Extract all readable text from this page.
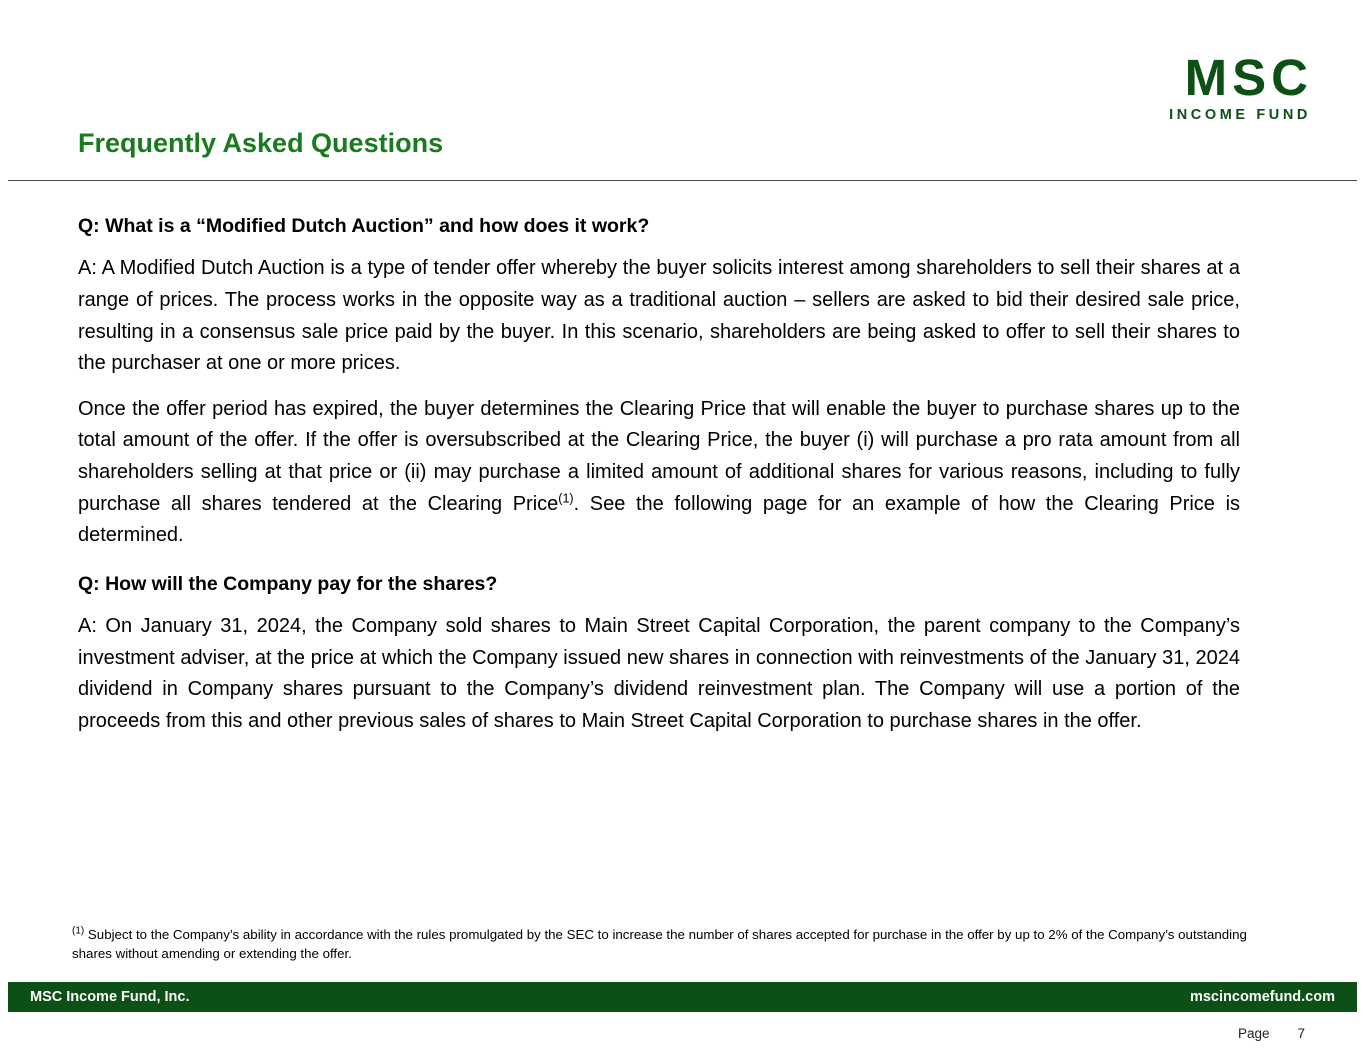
MSC
INCOME FUND
Frequently Asked Questions
Q: What is a “Modified Dutch Auction” and how does it work?

A: A Modified Dutch Auction is a type of tender offer whereby the buyer solicits interest among shareholders to sell their shares at a range of prices. The process works in the opposite way as a traditional auction – sellers are asked to bid their desired sale price, resulting in a consensus sale price paid by the buyer. In this scenario, shareholders are being asked to offer to sell their shares to the purchaser at one or more prices.

Once the offer period has expired, the buyer determines the Clearing Price that will enable the buyer to purchase shares up to the total amount of the offer. If the offer is oversubscribed at the Clearing Price, the buyer (i) will purchase a pro rata amount from all shareholders selling at that price or (ii) may purchase a limited amount of additional shares for various reasons, including to fully purchase all shares tendered at the Clearing Price$^{(1)}$. See the following page for an example of how the Clearing Price is determined.

Q: How will the Company pay for the shares?

A: On January 31, 2024, the Company sold shares to Main Street Capital Corporation, the parent company to the Company’s investment adviser, at the price at which the Company issued new shares in connection with reinvestments of the January 31, 2024 dividend in Company shares pursuant to the Company’s dividend reinvestment plan. The Company will use a portion of the proceeds from this and other previous sales of shares to Main Street Capital Corporation to purchase shares in the offer.

$^{(1)}$ Subject to the Company’s ability in accordance with the rules promulgated by the SEC to increase the number of shares accepted for purchase in the offer by up to 2% of the Company’s outstanding shares without amending or extending the offer.
MSC Income Fund, Inc.	mscincomefund.com
Page 7
